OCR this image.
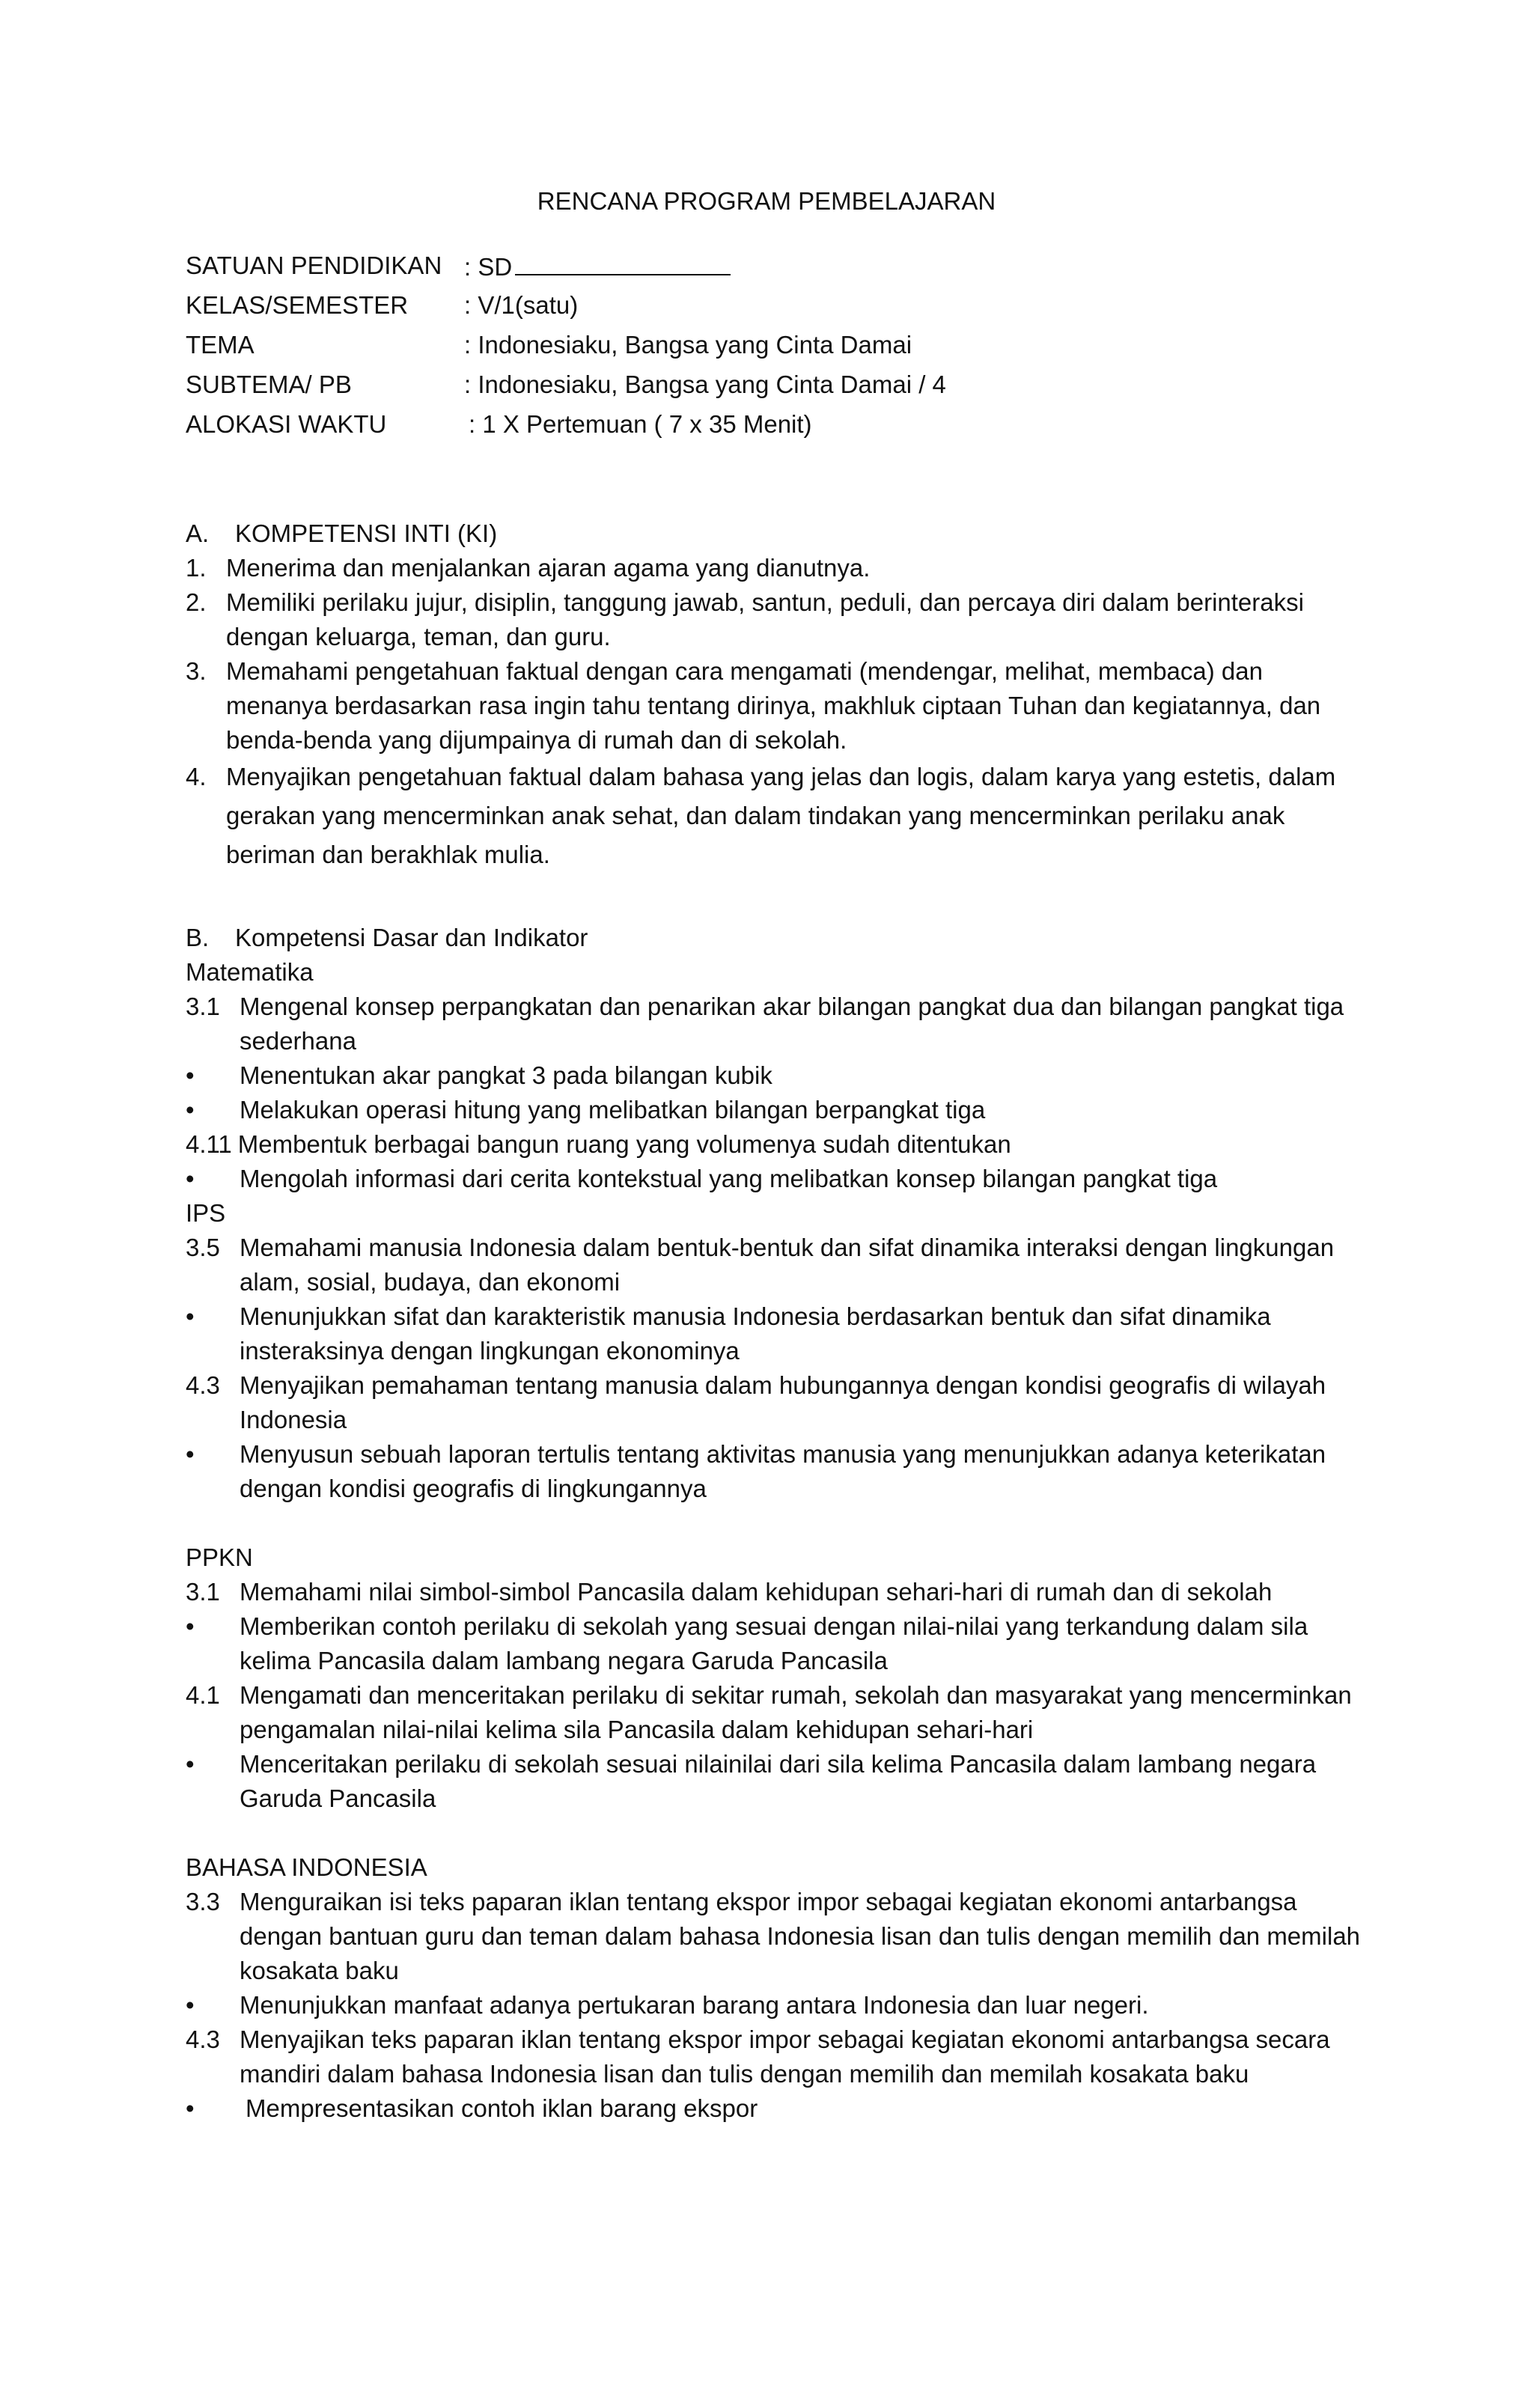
RENCANA PROGRAM PEMBELAJARAN
SATUAN PENDIDIKAN : SD
KELAS/SEMESTER : V/1(satu)
TEMA	: Indonesiaku, Bangsa yang Cinta Damai
SUBTEMA/ PB	: Indonesiaku, Bangsa yang Cinta Damai / 4
ALOKASI WAKTU	: 1 X Pertemuan ( 7 x 35 Menit)
A.	KOMPETENSI INTI (KI)
1. Menerima dan menjalankan ajaran agama yang dianutnya.
2. Memiliki perilaku jujur, disiplin, tanggung jawab, santun, peduli, dan percaya diri dalam berinteraksi dengan keluarga, teman, dan guru.
3. Memahami pengetahuan faktual dengan cara mengamati (mendengar, melihat, membaca) dan menanya berdasarkan rasa ingin tahu tentang dirinya, makhluk ciptaan Tuhan dan kegiatannya, dan benda-benda yang dijumpainya di rumah dan di sekolah.
4. Menyajikan pengetahuan faktual dalam bahasa yang jelas dan logis, dalam karya yang estetis, dalam gerakan yang mencerminkan anak sehat, dan dalam tindakan yang mencerminkan perilaku anak beriman dan berakhlak mulia.
B.	Kompetensi Dasar dan Indikator
Matematika
3.1 Mengenal konsep perpangkatan dan penarikan akar bilangan pangkat dua dan bilangan pangkat tiga sederhana
•	Menentukan akar pangkat 3 pada bilangan kubik
•	Melakukan operasi hitung yang melibatkan bilangan berpangkat tiga
4.11 Membentuk berbagai bangun ruang yang volumenya sudah ditentukan
•	Mengolah informasi dari cerita kontekstual yang melibatkan konsep bilangan pangkat tiga
IPS
3.5 Memahami manusia Indonesia dalam bentuk-bentuk dan sifat dinamika interaksi dengan lingkungan alam, sosial, budaya, dan ekonomi
•	Menunjukkan sifat dan karakteristik manusia Indonesia berdasarkan bentuk dan sifat dinamika insteraksinya dengan lingkungan ekonominya
4.3 Menyajikan pemahaman tentang manusia dalam hubungannya dengan kondisi geografis di wilayah Indonesia
•	Menyusun sebuah laporan tertulis tentang aktivitas manusia yang menunjukkan adanya keterikatan dengan kondisi geografis di lingkungannya
PPKN
3.1 Memahami nilai simbol-simbol Pancasila dalam kehidupan sehari-hari di rumah dan di sekolah
•	Memberikan contoh perilaku di sekolah yang sesuai dengan nilai-nilai yang terkandung dalam sila kelima Pancasila dalam lambang negara Garuda Pancasila
4.1 Mengamati dan menceritakan perilaku di sekitar rumah, sekolah dan masyarakat yang mencerminkan pengamalan nilai-nilai kelima sila Pancasila dalam kehidupan sehari-hari
•	Menceritakan perilaku di sekolah sesuai nilainilai dari sila kelima Pancasila dalam lambang negara Garuda Pancasila
BAHASA INDONESIA
3.3 Menguraikan isi teks paparan iklan tentang ekspor impor sebagai kegiatan ekonomi antarbangsa dengan bantuan guru dan teman dalam bahasa Indonesia lisan dan tulis dengan memilih dan memilah kosakata baku
•	Menunjukkan manfaat adanya pertukaran barang antara Indonesia dan luar negeri.
4.3 Menyajikan teks paparan iklan tentang ekspor impor sebagai kegiatan ekonomi antarbangsa secara mandiri dalam bahasa Indonesia lisan dan tulis dengan memilih dan memilah kosakata baku
•	Mempresentasikan contoh iklan barang ekspor
